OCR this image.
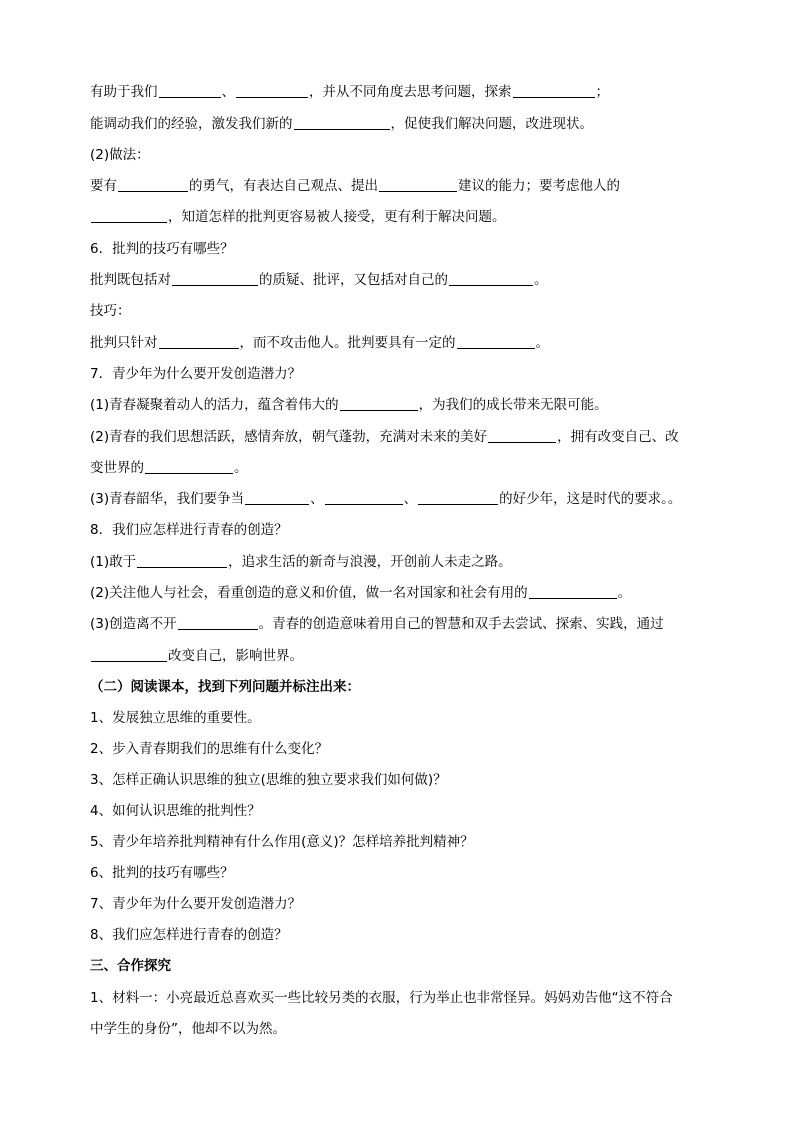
有助于我们	、	，并从不同角度去思考问题，探索	；
能调动我们的经验，激发我们新的	，促使我们解决问题，改进现状。
(2)做法：
要有	的勇气，有表达自己观点、提出	建议的能力；要考虑他人的
，知道怎样的批判更容易被人接受，更有利于解决问题。
6．批判的技巧有哪些？
批判既包括对	的质疑、批评，又包括对自己的	。
技巧：
批判只针对	，而不攻击他人。批判要具有一定的	。
7．青少年为什么要开发创造潜力？
(1)青春凝聚着动人的活力，蕴含着伟大的	，为我们的成长带来无限可能。
(2)青春的我们思想活跃，感情奔放，朝气蓬勃，充满对未来的美好	，拥有改变自己、改
变世界的	。
(3)青春韶华，我们要争当	、	、	的好少年，这是时代的要求。。
8．我们应怎样进行青春的创造？
(1)敢于	，追求生活的新奇与浪漫，开创前人未走之路。
(2)关注他人与社会，看重创造的意义和价值，做一名对国家和社会有用的	。
(3)创造离不开	。青春的创造意味着用自己的智慧和双手去尝试、探索、实践，通过
改变自己，影响世界。
（二）阅读课本，找到下列问题并标注出来：
1、发展独立思维的重要性。
2、步入青春期我们的思维有什么变化？
3、怎样正确认识思维的独立(思维的独立要求我们如何做)？
4、如何认识思维的批判性？
5、青少年培养批判精神有什么作用(意义)？怎样培养批判精神？
6、批判的技巧有哪些？
7、青少年为什么要开发创造潜力？
8、我们应怎样进行青春的创造？
三、合作探究
1、材料一：小亮最近总喜欢买一些比较另类的衣服，行为举止也非常怪异。妈妈劝告他“这不符合
中学生的身份”，他却不以为然。
